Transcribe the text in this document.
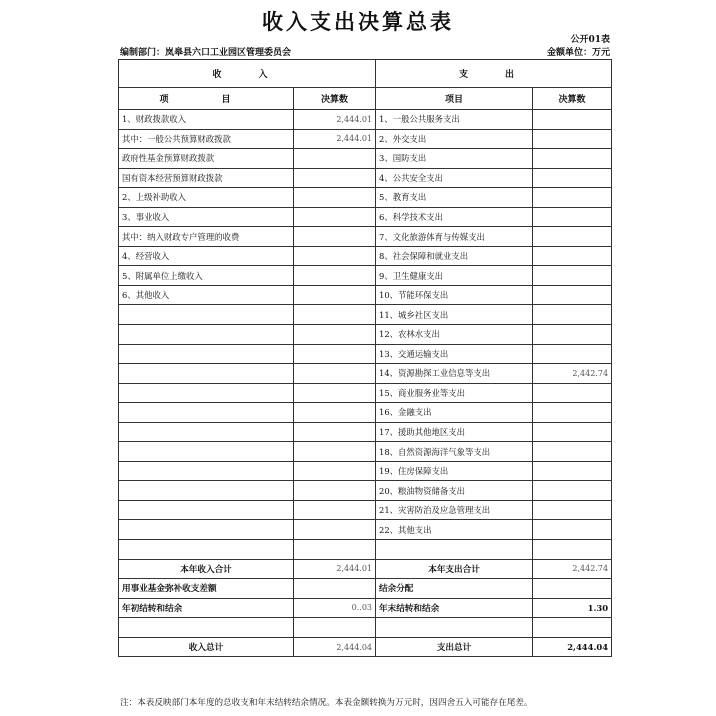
收入支出决算总表
公开01表
编制部门：岚皋县六口工业园区管理委员会	金额单位：万元
收　入		支　出	
项　目	决算数	项目	决算数
1、财政拨款收入	2,444.01	1、一般公共服务支出	
其中：一般公共预算财政拨款	2,444.01	2、外交支出	
政府性基金预算财政拨款		3、国防支出	
国有资本经营预算财政拨款		4、公共安全支出	
2、上级补助收入		5、教育支出	
3、事业收入		6、科学技术支出	
其中：纳入财政专户管理的收费		7、文化旅游体育与传媒支出	
4、经营收入		8、社会保障和就业支出	
5、附属单位上缴收入		9、卫生健康支出	
6、其他收入		10、节能环保支出	
		11、城乡社区支出	
		12、农林水支出	
		13、交通运输支出	
		14、资源勘探工业信息等支出	2,442.74
		15、商业服务业等支出	
		16、金融支出	
		17、援助其他地区支出	
		18、自然资源海洋气象等支出	
		19、住房保障支出	
		20、粮油物资储备支出	
		21、灾害防治及应急管理支出	
		22、其他支出	

本年收入合计	2,444.01	本年支出合计	2,442.74
用事业基金弥补收支差额		结余分配	
年初结转和结余	0..03	年末结转和结余	1.30

收入总计	2,444.04	支出总计	2,444.04
注：本表反映部门本年度的总收支和年末结转结余情况。本表金额转换为万元时，因四舍五入可能存在尾差。
